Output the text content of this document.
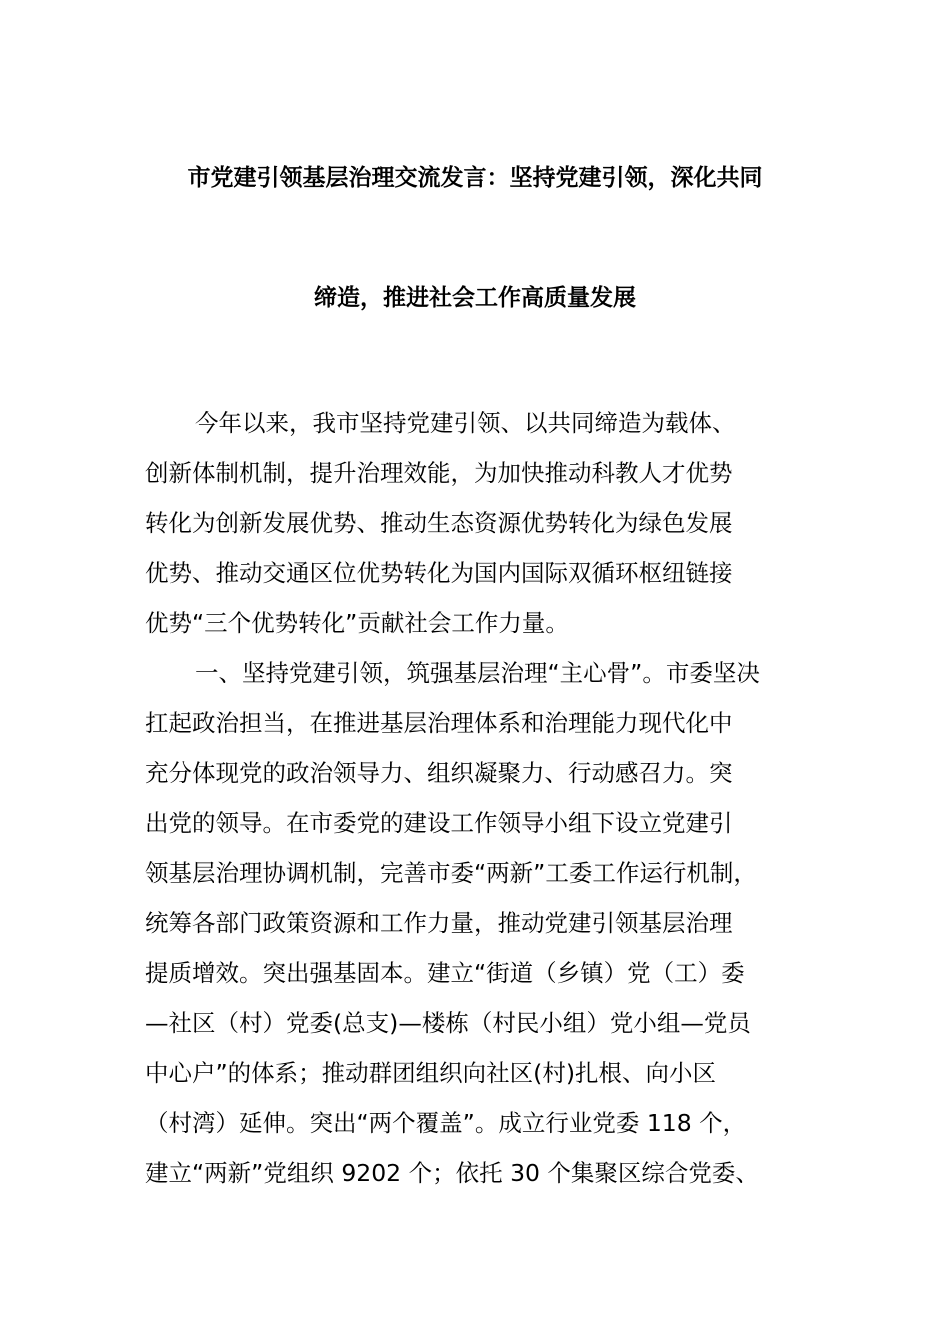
市党建引领基层治理交流发言：坚持党建引领，深化共同
缔造，推进社会工作高质量发展
今年以来，我市坚持党建引领、以共同缔造为载体、
创新体制机制，提升治理效能，为加快推动科教人才优势
转化为创新发展优势、推动生态资源优势转化为绿色发展
优势、推动交通区位优势转化为国内国际双循环枢纽链接
优势“三个优势转化”贡献社会工作力量。
一、坚持党建引领，筑强基层治理“主心骨”。市委坚决
扛起政治担当，在推进基层治理体系和治理能力现代化中
充分体现党的政治领导力、组织凝聚力、行动感召力。突
出党的领导。在市委党的建设工作领导小组下设立党建引
领基层治理协调机制，完善市委“两新”工委工作运行机制，
统筹各部门政策资源和工作力量，推动党建引领基层治理
提质增效。突出强基固本。建立“街道（乡镇）党（工）委
—社区（村）党委(总支)—楼栋（村民小组）党小组—党员
中心户”的体系；推动群团组织向社区(村)扎根、向小区
（村湾）延伸。突出“两个覆盖”。成立行业党委 118 个，
建立“两新”党组织 9202 个；依托 30 个集聚区综合党委、
